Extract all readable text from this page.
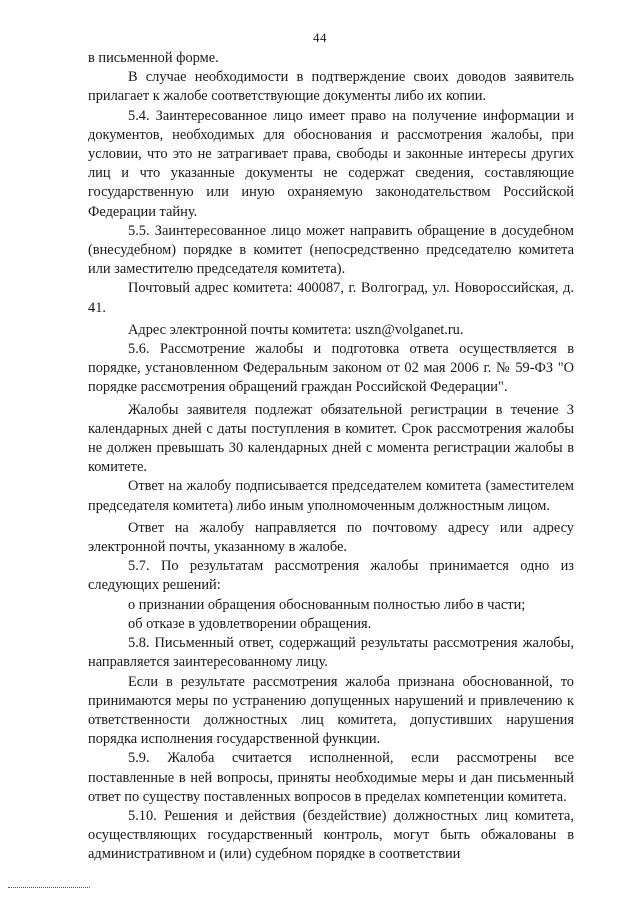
44

в письменной форме.

В случае необходимости в подтверждение своих доводов заявитель прилагает к жалобе соответствующие документы либо их копии.

5.4. Заинтересованное лицо имеет право на получение информации и документов, необходимых для обоснования и рассмотрения жалобы, при условии, что это не затрагивает права, свободы и законные интересы других лиц и что указанные документы не содержат сведения, составляющие государственную или иную охраняемую законодательством Российской Федерации тайну.

5.5. Заинтересованное лицо может направить обращение в досудебном (внесудебном) порядке в комитет (непосредственно председателю комитета или заместителю председателя комитета).

Почтовый адрес комитета: 400087, г. Волгоград, ул. Новороссийская, д. 41.

Адрес электронной почты комитета: uszn@volganet.ru.

5.6. Рассмотрение жалобы и подготовка ответа осуществляется в порядке, установленном Федеральным законом от 02 мая 2006 г. № 59-ФЗ "О порядке рассмотрения обращений граждан Российской Федерации".

Жалобы заявителя подлежат обязательной регистрации в течение 3 календарных дней с даты поступления в комитет. Срок рассмотрения жалобы не должен превышать 30 календарных дней с момента регистрации жалобы в комитете.

Ответ на жалобу подписывается председателем комитета (заместителем председателя комитета) либо иным уполномоченным должностным лицом.

Ответ на жалобу направляется по почтовому адресу или адресу электронной почты, указанному в жалобе.

5.7. По результатам рассмотрения жалобы принимается одно из следующих решений:

о признании обращения обоснованным полностью либо в части;

об отказе в удовлетворении обращения.

5.8. Письменный ответ, содержащий результаты рассмотрения жалобы, направляется заинтересованному лицу.

Если в результате рассмотрения жалоба признана обоснованной, то принимаются меры по устранению допущенных нарушений и привлечению к ответственности должностных лиц комитета, допустивших нарушения порядка исполнения государственной функции.

5.9. Жалоба считается исполненной, если рассмотрены все поставленные в ней вопросы, приняты необходимые меры и дан письменный ответ по существу поставленных вопросов в пределах компетенции комитета.

5.10. Решения и действия (бездействие) должностных лиц комитета, осуществляющих государственный контроль, могут быть обжалованы в административном и (или) судебном порядке в соответствии
